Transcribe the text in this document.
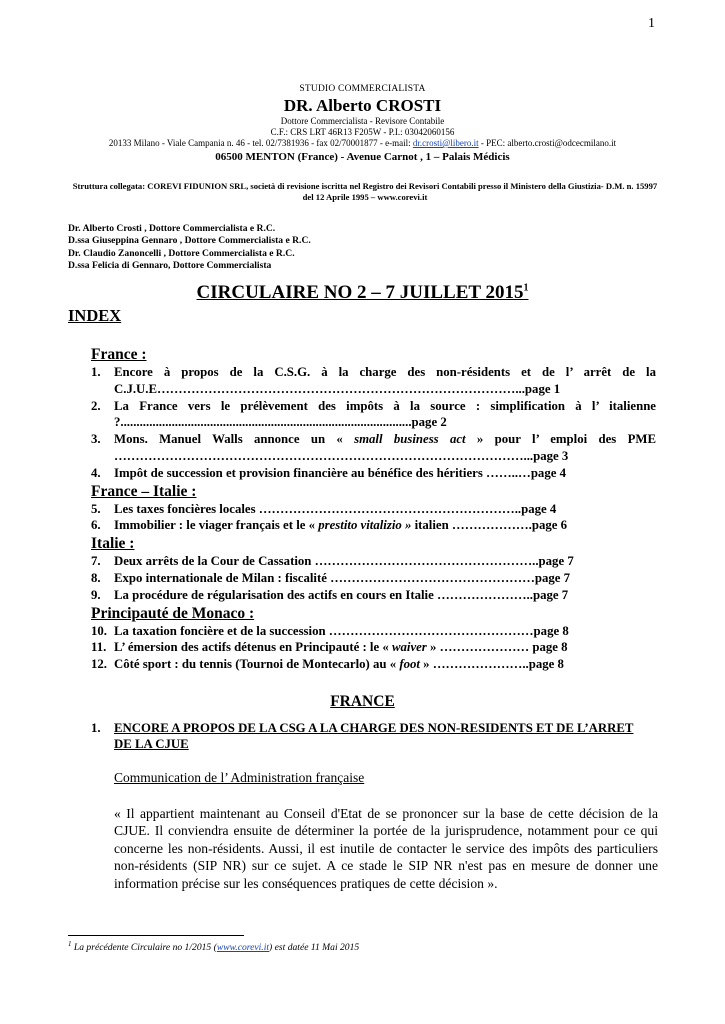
1
STUDIO COMMERCIALISTA
DR. Alberto CROSTI
Dottore Commercialista - Revisore Contabile
C.F.: CRS LRT 46R13 F205W - P.I.: 03042060156
20133 Milano - Viale Campania n. 46 - tel. 02/7381936 - fax 02/70001877 - e-mail: dr.crosti@libero.it - PEC: alberto.crosti@odcecmilano.it
06500 MENTON (France) - Avenue Carnot , 1 – Palais Médicis
Struttura collegata: COREVI FIDUNION SRL, società di revisione iscritta nel Registro dei Revisori Contabili presso il Ministero della Giustizia- D.M. n. 15997 del 12 Aprile 1995 – www.corevi.it
Dr. Alberto Crosti , Dottore Commercialista e R.C.
D.ssa Giuseppina Gennaro , Dottore Commercialista e R.C.
Dr. Claudio Zanoncelli , Dottore Commercialista e R.C.
D.ssa Felicia di Gennaro, Dottore Commercialista
CIRCULAIRE NO 2 – 7 JUILLET 2015$^1$
INDEX
France :
1. Encore à propos de la C.S.G. à la charge des non-résidents et de l’ arrêt de la C.J.U.E…………………………………………………………………………...page 1
2. La France vers le prélèvement des impôts à la source : simplification à l’ italienne ?...........................................................................................page 2
3. Mons. Manuel Walls annonce un « small business act » pour l’ emploi des PME ……………………………………………………………………………………...page 3
4. Impôt de succession et provision financière au bénéfice des héritiers ……..…page 4
France – Italie :
5. Les taxes foncières locales ……………………………………………………..page 4
6. Immobilier : le viager français et le « prestito vitalizio » italien ……………….page 6
Italie :
7. Deux arrêts de la Cour de Cassation ……………………………………………..page 7
8. Expo internationale de Milan : fiscalité …………………………………………page 7
9. La procédure de régularisation des actifs en cours en Italie …………………..page 7
Principauté de Monaco :
10. La taxation foncière et de la succession …………………………………………page 8
11. L’ émersion des actifs détenus en Principauté : le « waiver » ………………… page 8
12. Côté sport : du tennis (Tournoi de Montecarlo) au « foot » …………………..page 8
FRANCE
1.	ENCORE A PROPOS DE LA CSG A LA CHARGE DES NON-RESIDENTS ET DE L’ARRET DE LA CJUE
Communication de l’ Administration française
« Il appartient maintenant au Conseil d'Etat de se prononcer sur la base de cette décision de la CJUE. Il conviendra ensuite de déterminer la portée de la jurisprudence, notamment pour ce qui concerne les non-résidents. Aussi, il est inutile de contacter le service des impôts des particuliers non-résidents (SIP NR) sur ce sujet. A ce stade le SIP NR n'est pas en mesure de donner une information précise sur les conséquences pratiques de cette décision ».
$^1$ La précédente Circulaire no 1/2015 (www.corevi.it) est datée 11 Mai 2015
